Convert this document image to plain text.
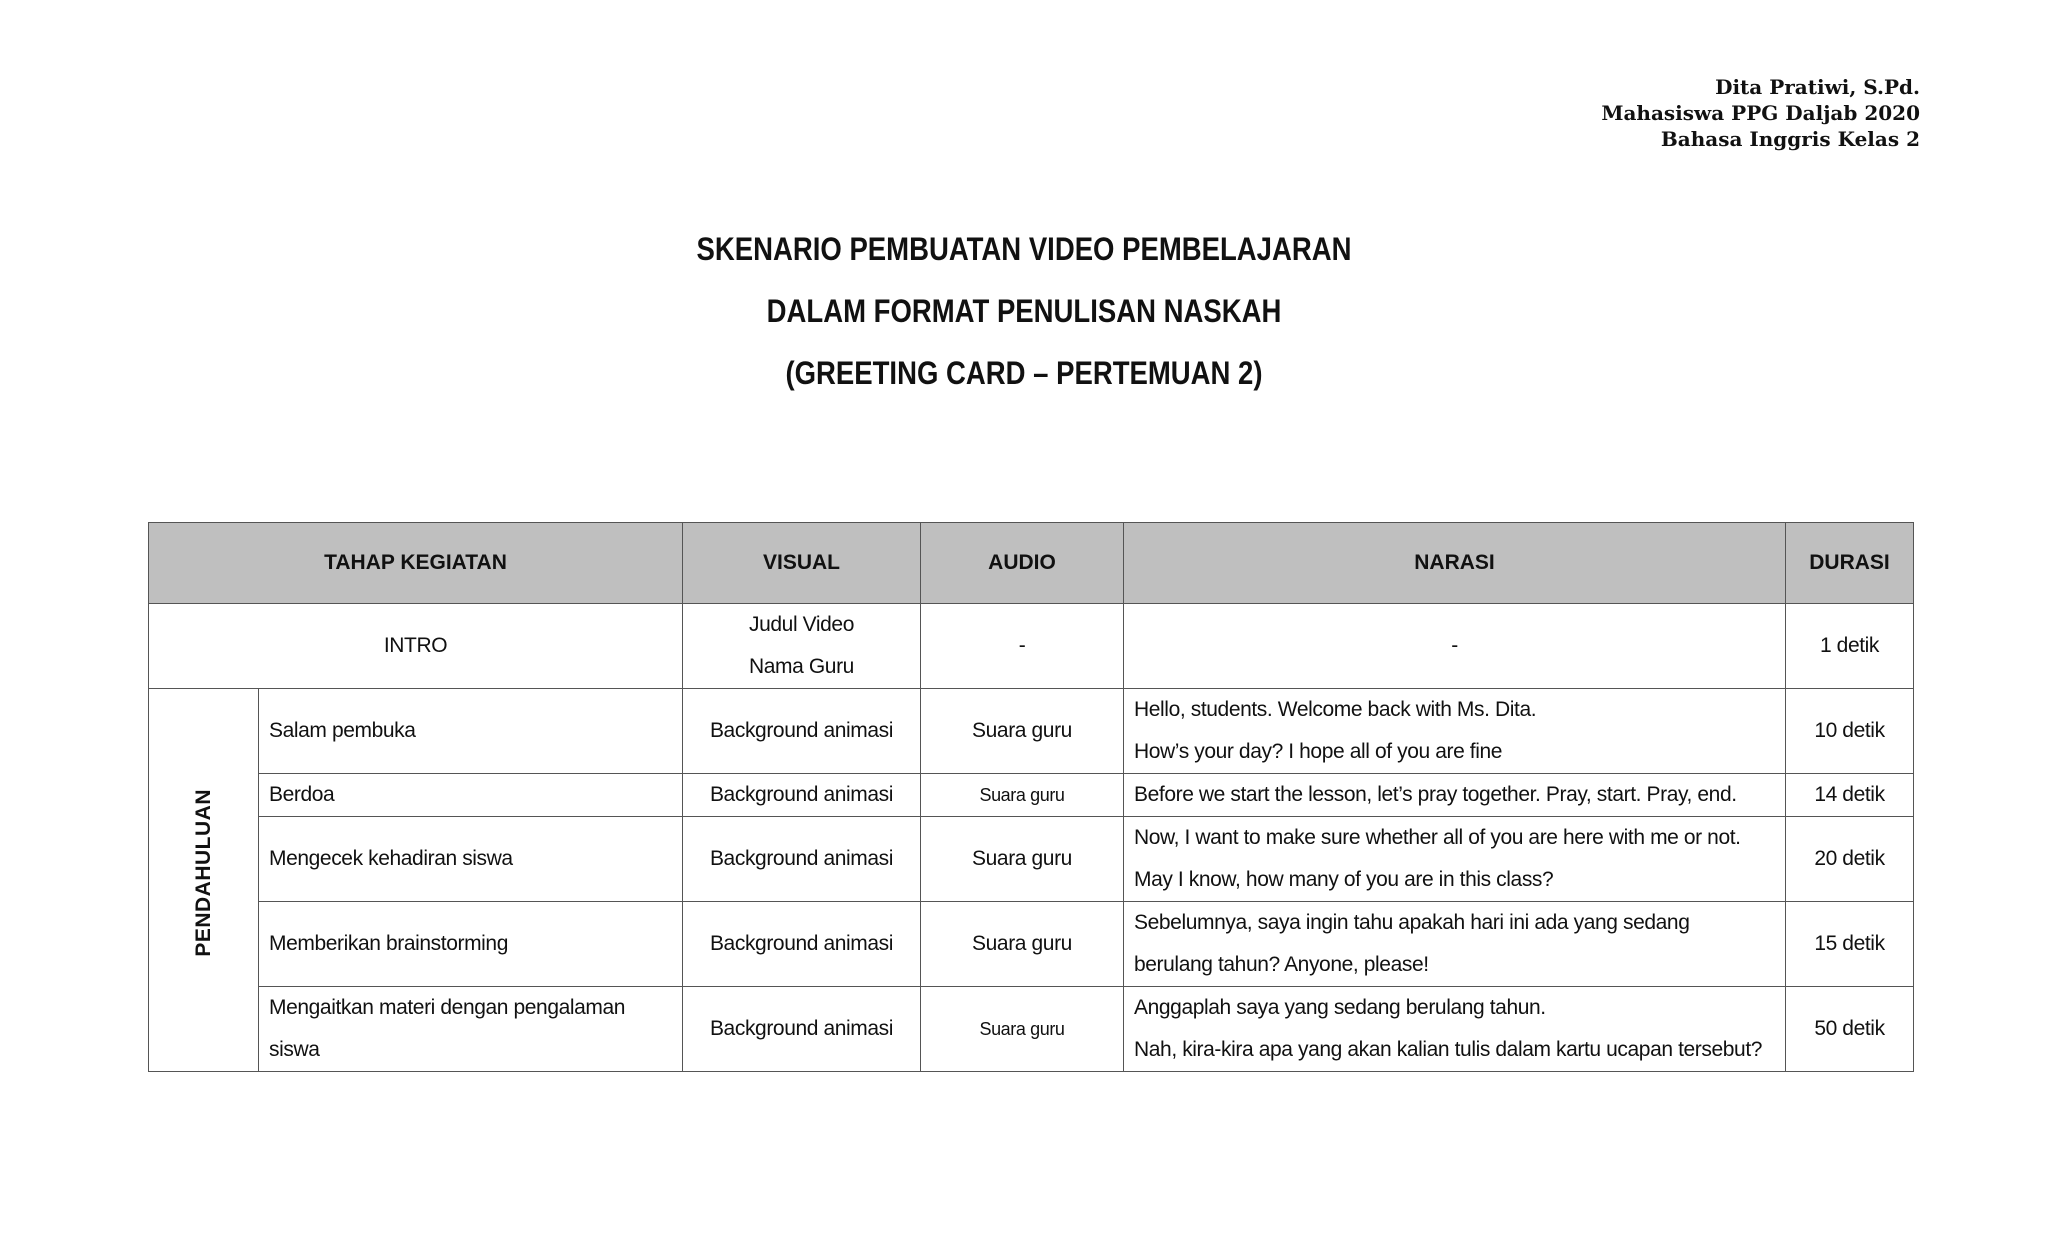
Dita Pratiwi, S.Pd.
Mahasiswa PPG Daljab 2020
Bahasa Inggris Kelas 2
SKENARIO PEMBUATAN VIDEO PEMBELAJARAN
DALAM FORMAT PENULISAN NASKAH
(GREETING CARD – PERTEMUAN 2)
TAHAP KEGIATAN		VISUAL	AUDIO	NARASI	DURASI
INTRO		Judul Video
Nama Guru	-	-	1 detik
PENDAHULUAN	Salam pembuka	Background animasi	Suara guru	Hello, students. Welcome back with Ms. Dita.
How’s your day? I hope all of you are fine	10 detik
	Berdoa	Background animasi	Suara guru	Before we start the lesson, let’s pray together. Pray, start. Pray, end.	14 detik
	Mengecek kehadiran siswa	Background animasi	Suara guru	Now, I want to make sure whether all of you are here with me or not.
May I know, how many of you are in this class?	20 detik
	Memberikan brainstorming	Background animasi	Suara guru	Sebelumnya, saya ingin tahu apakah hari ini ada yang sedang
berulang tahun? Anyone, please!	15 detik

	Mengaitkan materi dengan pengalaman
siswa	Background animasi	Suara guru	Anggaplah saya yang sedang berulang tahun.
Nah, kira-kira apa yang akan kalian tulis dalam kartu ucapan tersebut?	50 detik
